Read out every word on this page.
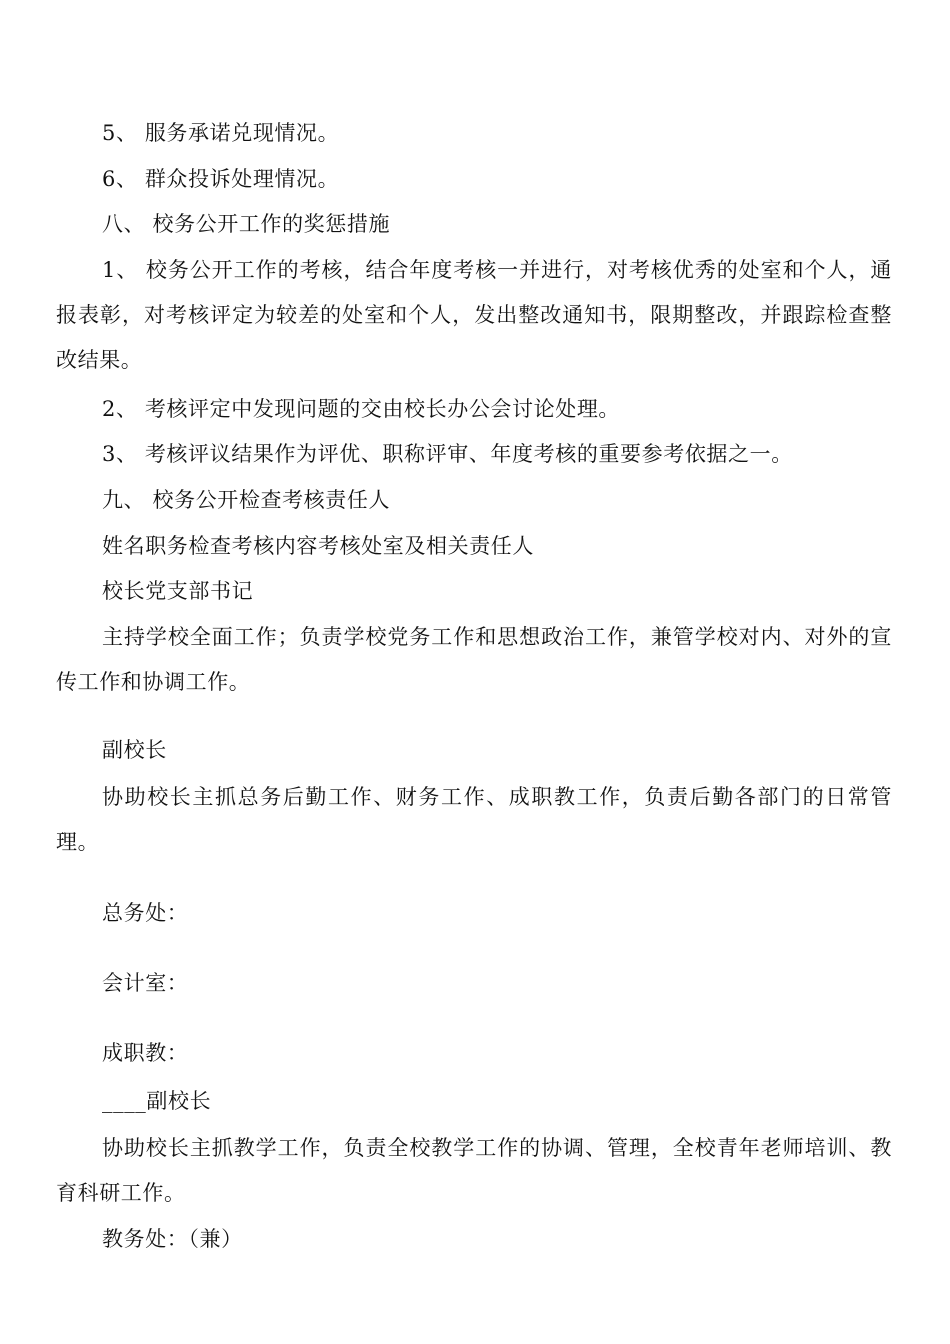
5、 服务承诺兑现情况。

6、 群众投诉处理情况。

八、 校务公开工作的奖惩措施

1、 校务公开工作的考核，结合年度考核一并进行，对考核优秀的处室和个人，通报表彰，对考核评定为较差的处室和个人，发出整改通知书，限期整改，并跟踪检查整改结果。

2、 考核评定中发现问题的交由校长办公会讨论处理。

3、 考核评议结果作为评优、职称评审、年度考核的重要参考依据之一。

九、 校务公开检查考核责任人

姓名职务检查考核内容考核处室及相关责任人

校长党支部书记

主持学校全面工作；负责学校党务工作和思想政治工作，兼管学校对内、对外的宣传工作和协调工作。

副校长

协助校长主抓总务后勤工作、财务工作、成职教工作，负责后勤各部门的日常管理。

总务处：

会计室：

成职教：

____副校长

协助校长主抓教学工作，负责全校教学工作的协调、管理，全校青年老师培训、教育科研工作。

教务处：（兼）
